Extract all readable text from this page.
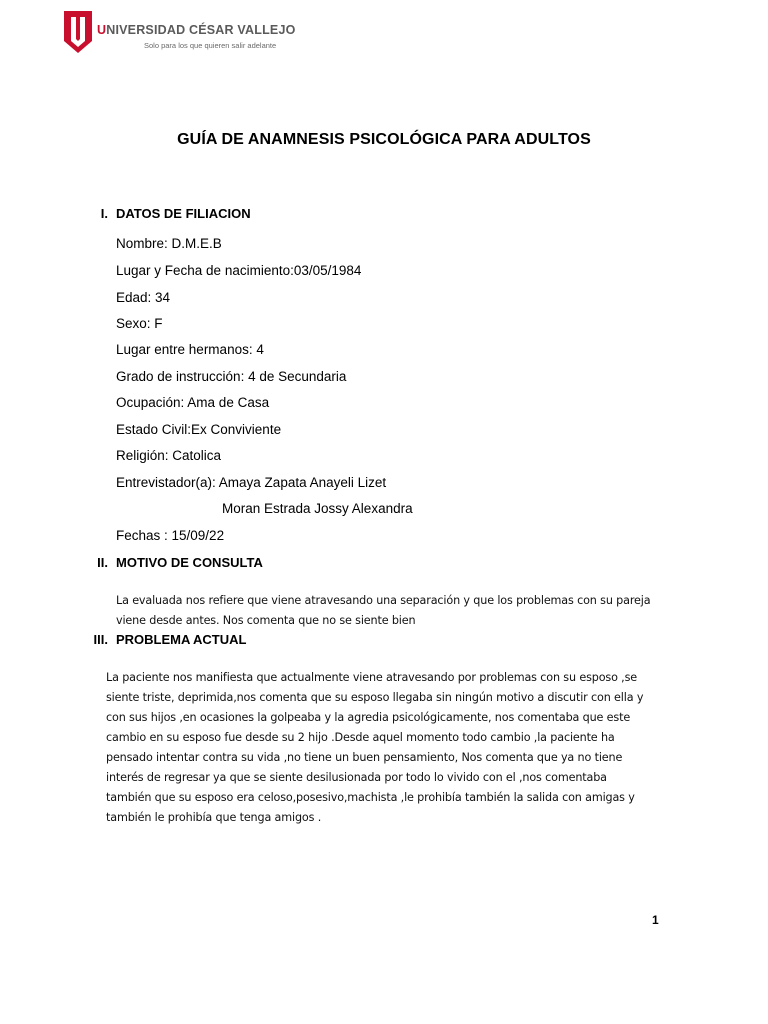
UNIVERSIDAD CÉSAR VALLEJO
Solo para los que quieren salir adelante
GUÍA DE ANAMNESIS PSICOLÓGICA PARA ADULTOS
I. DATOS DE FILIACION
Nombre: D.M.E.B
Lugar y Fecha de nacimiento:03/05/1984
Edad: 34
Sexo: F
Lugar entre hermanos: 4
Grado de instrucción: 4 de Secundaria
Ocupación: Ama de Casa
Estado Civil:Ex Conviviente
Religión: Catolica
Entrevistador(a): Amaya Zapata Anayeli Lizet
Moran Estrada Jossy Alexandra
Fechas : 15/09/22
II. MOTIVO DE CONSULTA
La evaluada nos refiere que viene atravesando una separación y que los problemas con su pareja
viene desde antes. Nos comenta que no se siente bien
III. PROBLEMA ACTUAL
La paciente nos manifiesta que actualmente viene atravesando por problemas con su esposo ,se
siente triste, deprimida,nos comenta que su esposo llegaba sin ningún motivo a discutir con ella y
con sus hijos ,en ocasiones la golpeaba y la agredia psicológicamente, nos comentaba que este
cambio en su esposo fue desde su 2 hijo .Desde aquel momento todo cambio ,la paciente ha
pensado intentar contra su vida ,no tiene un buen pensamiento, Nos comenta que ya no tiene
interés de regresar ya que se siente desilusionada por todo lo vivido con el ,nos comentaba
también que su esposo era celoso,posesivo,machista ,le prohibía también la salida con amigas y
también le prohibía que tenga amigos .
1
